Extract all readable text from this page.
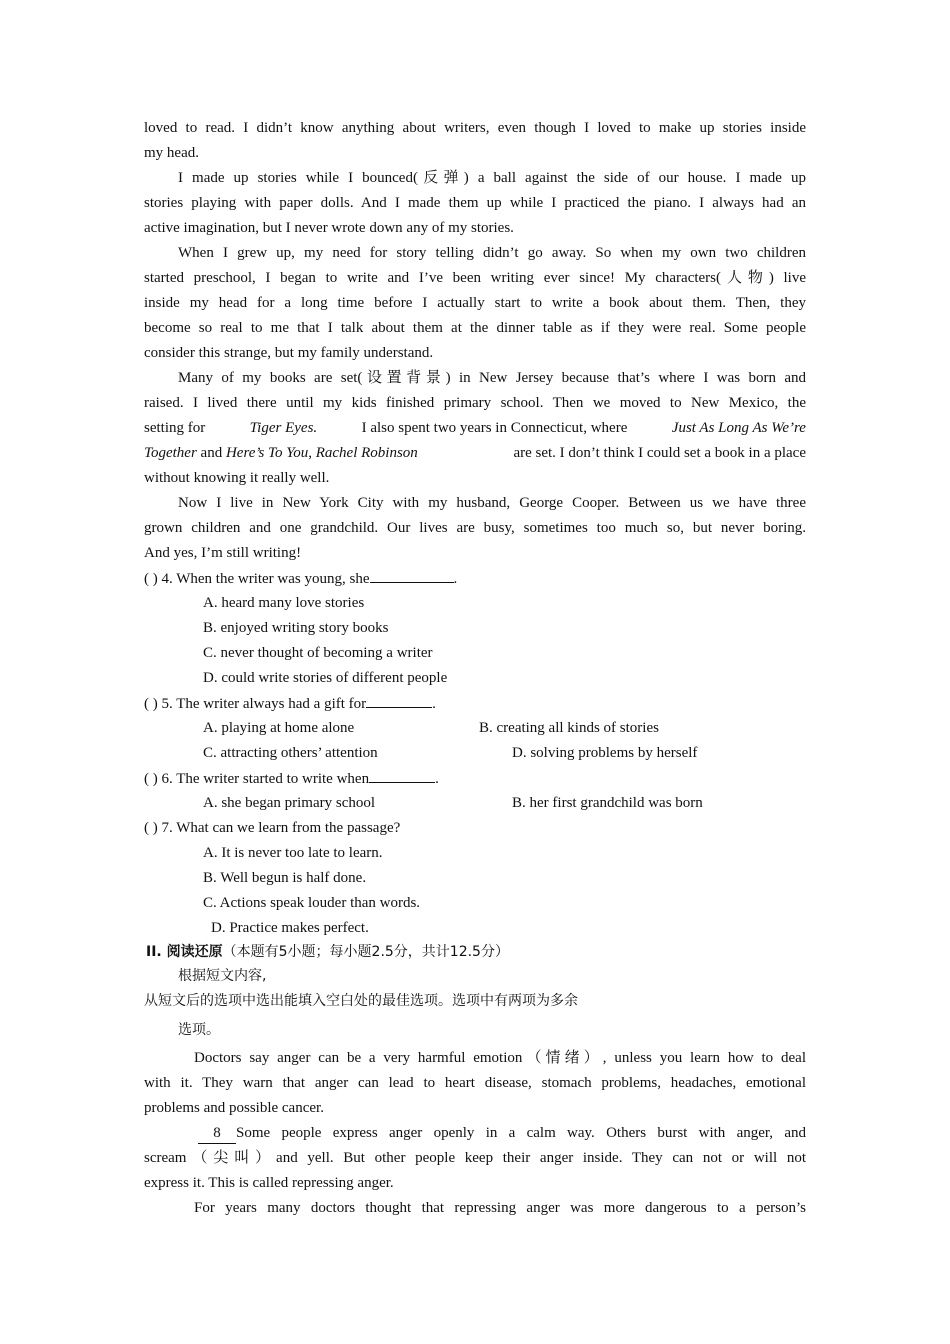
loved to read. I didn’t know anything about writers, even though I loved to make up stories inside
my head.
I made up stories while I bounced(反弹) a ball against the side of our house. I made up
stories playing with paper dolls. And I made them up while I practiced the piano. I always had an
active imagination, but I never wrote down any of my stories.
When I grew up, my need for story telling didn’t go away. So when my own two children
started preschool, I began to write and I’ve been writing ever since! My characters(人物) live
inside my head for a long time before I actually start to write a book about them. Then, they
become so real to me that I talk about them at the dinner table as if they were real. Some people
consider this strange, but my family understand.
Many of my books are set(设置背景) in New Jersey because that’s where I was born and
raised. I lived there until my kids finished primary school. Then we moved to New Mexico, the
setting for	Tiger Eyes.	I also spent two years in Connecticut, where	Just As Long As We’re
Together and Here’s To You, Rachel Robinson	are set. I don’t think I could set a book in a place
without knowing it really well.
Now I live in New York City with my husband, George Cooper. Between us we have three
grown children and one grandchild. Our lives are busy, sometimes too much so, but never boring.
And yes, I’m still writing!
( ) 4. When the writer was young, she	.
A. heard many love stories
B. enjoyed writing story books
C. never thought of becoming a writer
D. could write stories of different people
( ) 5. The writer always had a gift for	.
A. playing at home alone	B. creating all kinds of stories
C. attracting others’ attention	D. solving problems by herself
( ) 6. The writer started to write when	.
A. she began primary school	B. her first grandchild was born
( ) 7. What can we learn from the passage?
A. It is never too late to learn.
B. Well begun is half done.
C. Actions speak louder than words.
D. Practice makes perfect.
II. 阅读还原（本题有5小题；每小题2.5分，共计12.5分）
根据短文内容,
从短文后的选项中选出能填入空白处的最佳选项。选项中有两项为多余
选项。
Doctors say anger can be a very harmful emotion（情绪）, unless you learn how to deal
with it. They warn that anger can lead to heart disease, stomach problems, headaches, emotional
problems and possible cancer.
8	Some people express anger openly in a calm way. Others burst with anger, and
scream（尖叫）and yell. But other people keep their anger inside. They can not or will not
express it. This is called repressing anger.
For years many doctors thought that repressing anger was more dangerous to a person’s
